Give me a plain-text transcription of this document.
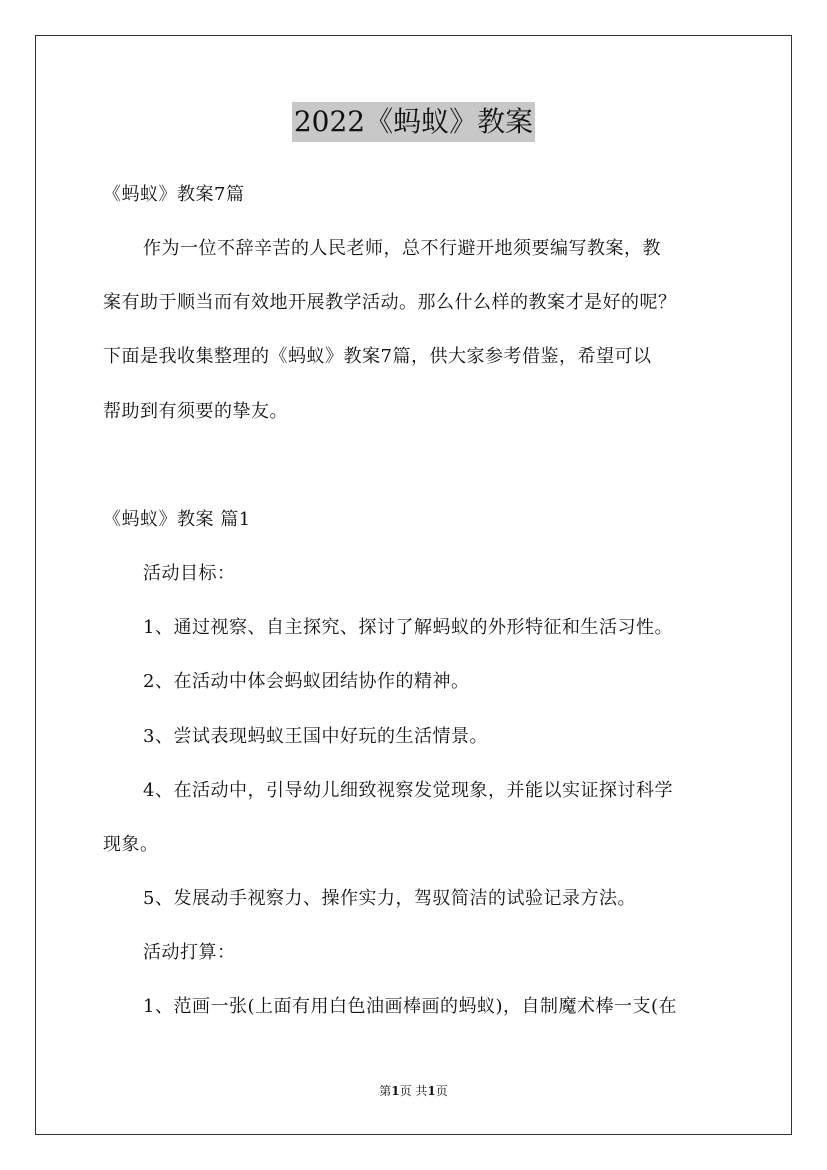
2022《蚂蚁》教案
《蚂蚁》教案7篇
作为一位不辞辛苦的人民老师，总不行避开地须要编写教案，教
案有助于顺当而有效地开展教学活动。那么什么样的教案才是好的呢？
下面是我收集整理的《蚂蚁》教案7篇，供大家参考借鉴，希望可以
帮助到有须要的挚友。
《蚂蚁》教案 篇1
活动目标：
1、通过视察、自主探究、探讨了解蚂蚁的外形特征和生活习性。
2、在活动中体会蚂蚁团结协作的精神。
3、尝试表现蚂蚁王国中好玩的生活情景。
4、在活动中，引导幼儿细致视察发觉现象，并能以实证探讨科学
现象。
5、发展动手视察力、操作实力，驾驭简洁的试验记录方法。
活动打算：
1、范画一张(上面有用白色油画棒画的蚂蚁)，自制魔术棒一支(在
第1页 共1页
